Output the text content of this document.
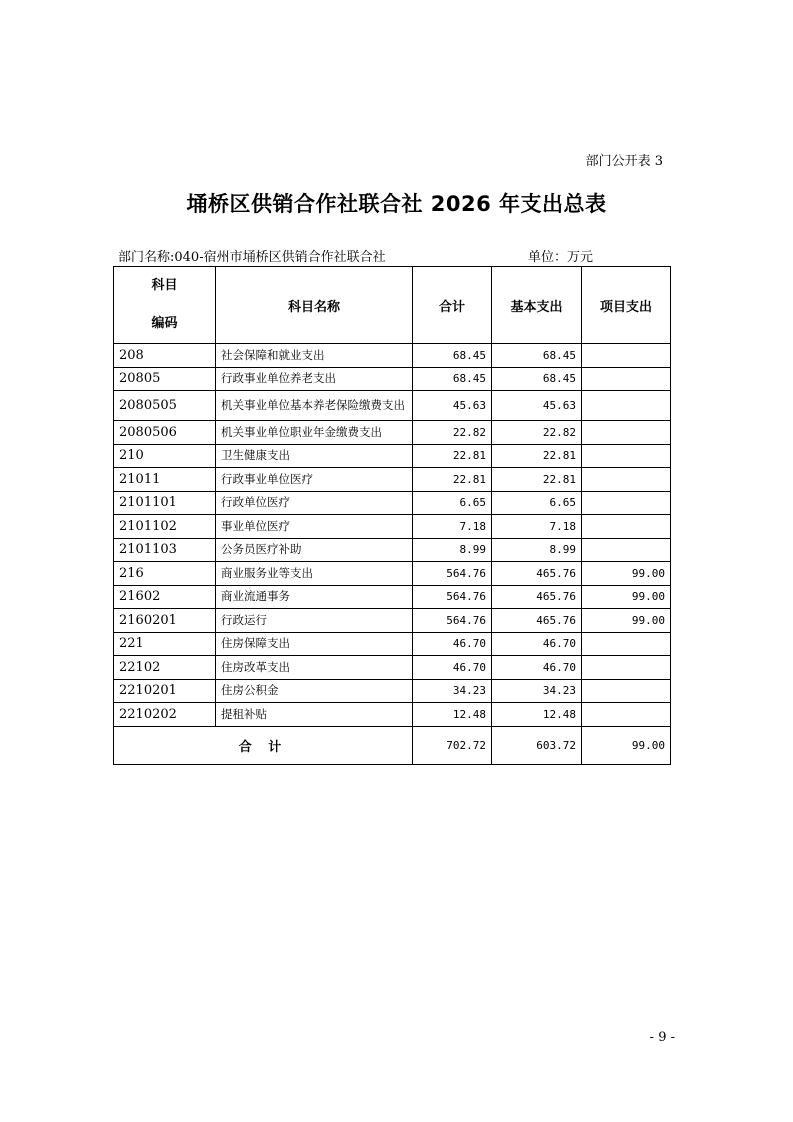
部门公开表 3
埇桥区供销合作社联合社 2026 年支出总表
部门名称:040-宿州市埇桥区供销合作社联合社	单位：万元
科目
编码	科目名称	合计	基本支出	项目支出
208	社会保障和就业支出	68.45	68.45	
20805	行政事业单位养老支出	68.45	68.45	
2080505	机关事业单位基本养老保险缴费支出	45.63	45.63	
2080506	机关事业单位职业年金缴费支出	22.82	22.82	
210	卫生健康支出	22.81	22.81	
21011	行政事业单位医疗	22.81	22.81	
2101101	行政单位医疗	6.65	6.65	
2101102	事业单位医疗	7.18	7.18	
2101103	公务员医疗补助	8.99	8.99	
216	商业服务业等支出	564.76	465.76	99.00
21602	商业流通事务	564.76	465.76	99.00
2160201	行政运行	564.76	465.76	99.00
221	住房保障支出	46.70	46.70	
22102	住房改革支出	46.70	46.70	
2210201	住房公积金	34.23	34.23	
2210202	提租补贴	12.48	12.48	
合 计		702.72	603.72	99.00
- 9 -
